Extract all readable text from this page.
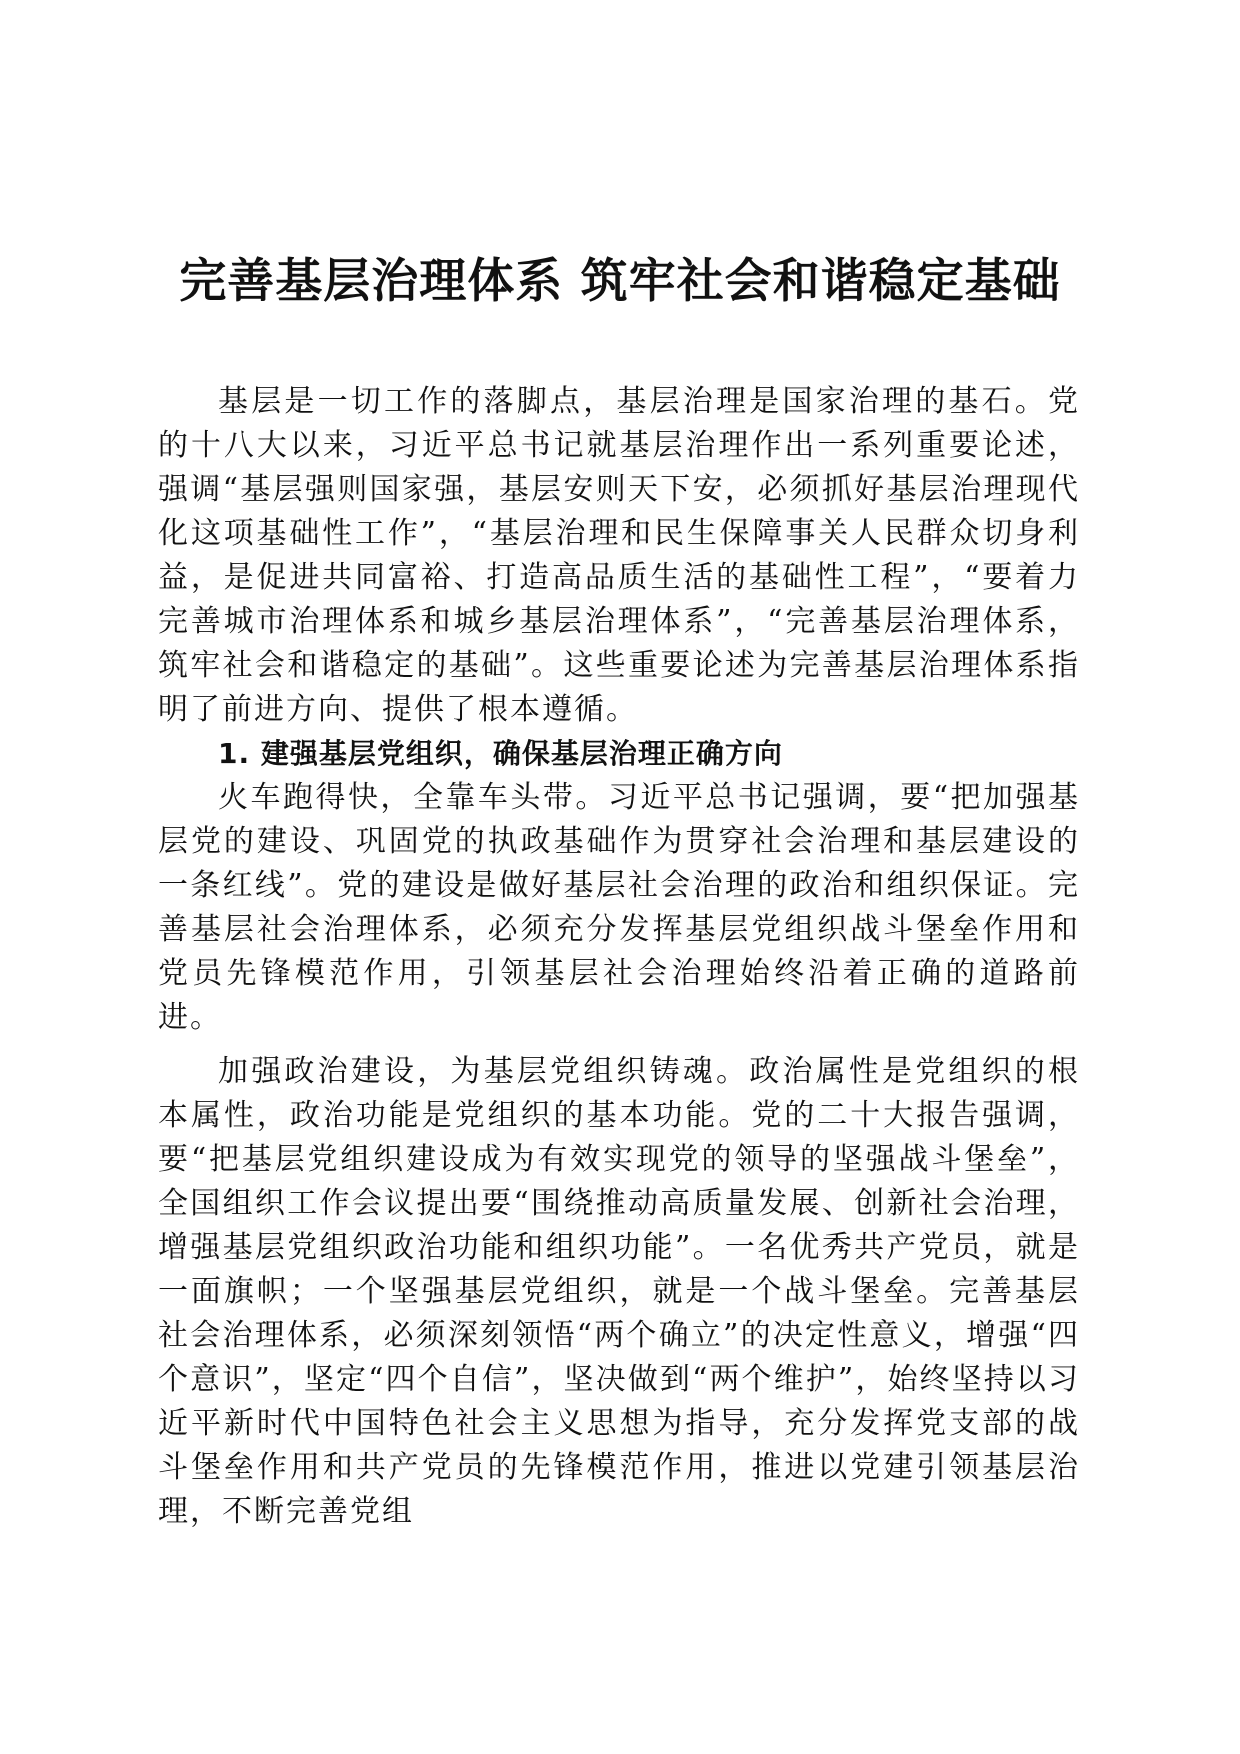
完善基层治理体系 筑牢社会和谐稳定基础

基层是一切工作的落脚点，基层治理是国家治理的基石。党的十八大以来，习近平总书记就基层治理作出一系列重要论述，强调“基层强则国家强，基层安则天下安，必须抓好基层治理现代化这项基础性工作”，“基层治理和民生保障事关人民群众切身利益，是促进共同富裕、打造高品质生活的基础性工程”，“要着力完善城市治理体系和城乡基层治理体系”，“完善基层治理体系，筑牢社会和谐稳定的基础”。这些重要论述为完善基层治理体系指明了前进方向、提供了根本遵循。

1. 建强基层党组织，确保基层治理正确方向

火车跑得快，全靠车头带。习近平总书记强调，要“把加强基层党的建设、巩固党的执政基础作为贯穿社会治理和基层建设的一条红线”。党的建设是做好基层社会治理的政治和组织保证。完善基层社会治理体系，必须充分发挥基层党组织战斗堡垒作用和党员先锋模范作用，引领基层社会治理始终沿着正确的道路前进。

加强政治建设，为基层党组织铸魂。政治属性是党组织的根本属性，政治功能是党组织的基本功能。党的二十大报告强调，要“把基层党组织建设成为有效实现党的领导的坚强战斗堡垒”，全国组织工作会议提出要“围绕推动高质量发展、创新社会治理，增强基层党组织政治功能和组织功能”。一名优秀共产党员，就是一面旗帜；一个坚强基层党组织，就是一个战斗堡垒。完善基层社会治理体系，必须深刻领悟“两个确立”的决定性意义，增强“四个意识”，坚定“四个自信”，坚决做到“两个维护”，始终坚持以习近平新时代中国特色社会主义思想为指导，充分发挥党支部的战斗堡垒作用和共产党员的先锋模范作用，推进以党建引领基层治理，不断完善党组
